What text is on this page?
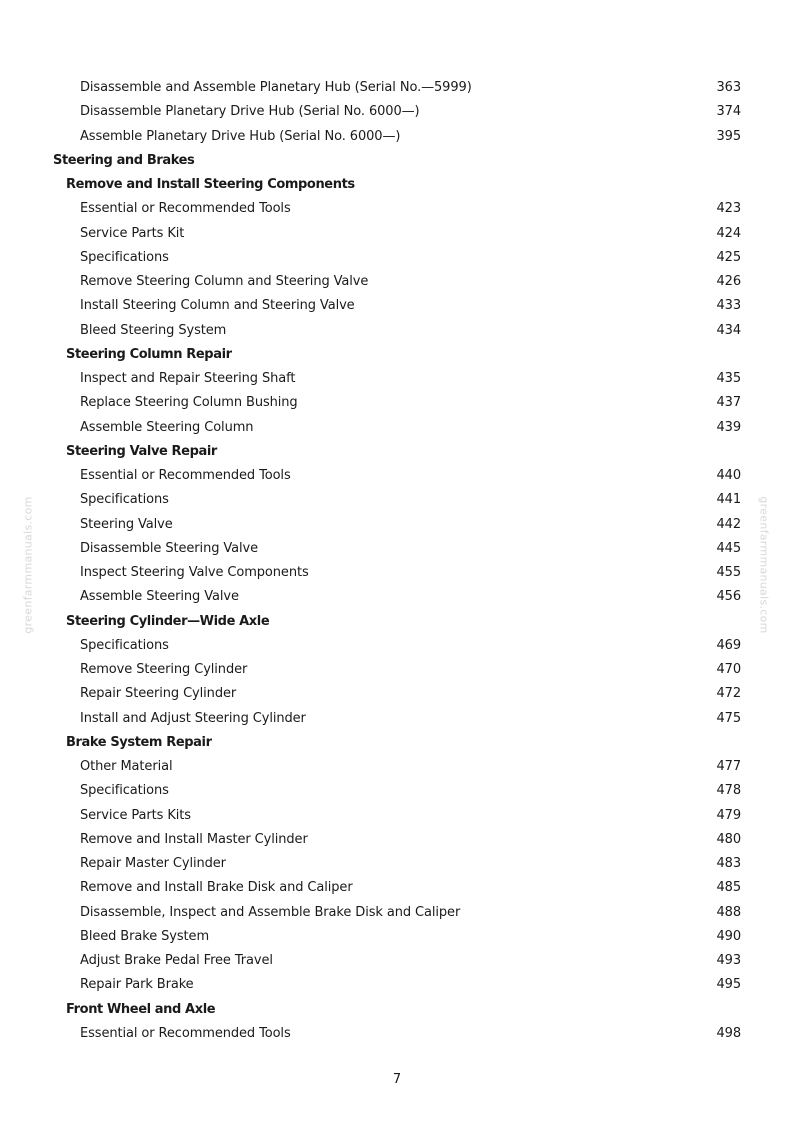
Disassemble and Assemble Planetary Hub (Serial No.—5999)	363
Disassemble Planetary Drive Hub (Serial No. 6000—)	374
Assemble Planetary Drive Hub (Serial No. 6000—)	395
Steering and Brakes
Remove and Install Steering Components
Essential or Recommended Tools	423
Service Parts Kit	424
Specifications	425
Remove Steering Column and Steering Valve	426
Install Steering Column and Steering Valve	433
Bleed Steering System	434
Steering Column Repair
Inspect and Repair Steering Shaft	435
Replace Steering Column Bushing	437
Assemble Steering Column	439
Steering Valve Repair
Essential or Recommended Tools	440
Specifications	441
Steering Valve	442
Disassemble Steering Valve	445
Inspect Steering Valve Components	455
Assemble Steering Valve	456
Steering Cylinder—Wide Axle
Specifications	469
Remove Steering Cylinder	470
Repair Steering Cylinder	472
Install and Adjust Steering Cylinder	475
Brake System Repair
Other Material	477
Specifications	478
Service Parts Kits	479
Remove and Install Master Cylinder	480
Repair Master Cylinder	483
Remove and Install Brake Disk and Caliper	485
Disassemble, Inspect and Assemble Brake Disk and Caliper	488
Bleed Brake System	490
Adjust Brake Pedal Free Travel	493
Repair Park Brake	495
Front Wheel and Axle
Essential or Recommended Tools	498
greenfarmmanuals.com	greenfarmmanuals.com
7
